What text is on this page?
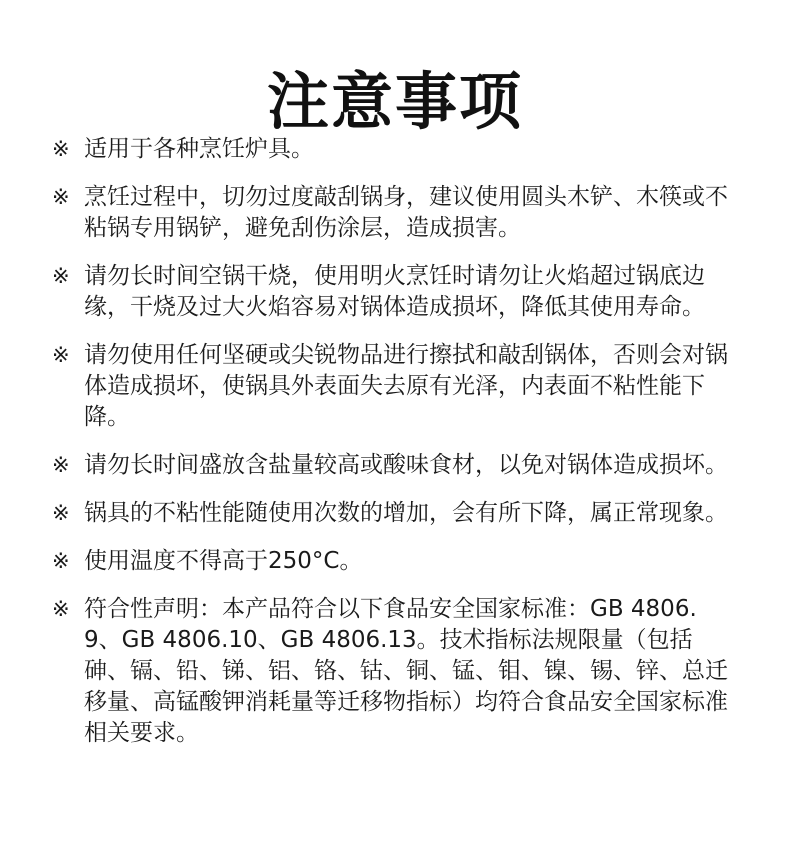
注意事项
※ 适用于各种烹饪炉具。
※ 烹饪过程中，切勿过度敲刮锅身，建议使用圆头木铲、木筷或不粘锅专用锅铲，避免刮伤涂层，造成损害。
※ 请勿长时间空锅干烧，使用明火烹饪时请勿让火焰超过锅底边缘，干烧及过大火焰容易对锅体造成损坏，降低其使用寿命。
※ 请勿使用任何坚硬或尖锐物品进行擦拭和敲刮锅体，否则会对锅体造成损坏，使锅具外表面失去原有光泽，内表面不粘性能下降。
※ 请勿长时间盛放含盐量较高或酸味食材，以免对锅体造成损坏。
※ 锅具的不粘性能随使用次数的增加，会有所下降，属正常现象。
※ 使用温度不得高于250°C。
※ 符合性声明：本产品符合以下食品安全国家标准：GB 4806.9、GB 4806.10、GB 4806.13。技术指标法规限量（包括砷、镉、铅、锑、铝、铬、钴、铜、锰、钼、镍、锡、锌、总迁移量、高锰酸钾消耗量等迁移物指标）均符合食品安全国家标准相关要求。
